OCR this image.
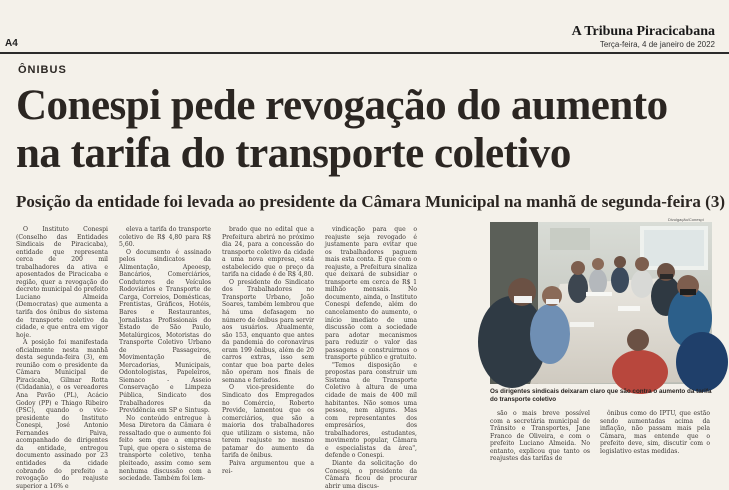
A4
A Tribuna Piracicabana
Terça-feira, 4 de janeiro de 2022
ÔNIBUS
Conespi pede revogação do aumento na tarifa do transporte coletivo
Posição da entidade foi levada ao presidente da Câmara Municipal na manhã de segunda-feira (3)

O Instituto Conespi (Conselho das Entidades Sindicais de Piracicaba), entidade que representa cerca de 200 mil trabalhadores da ativa e aposentados de Piracicaba e região, quer a revogação do decreto municipal do prefeito Luciano Almeida (Democratas) que aumenta a tarifa dos ônibus do sistema de transporte coletivo da cidade, e que entra em vigor hoje.

A posição foi manifestada oficialmente nesta manhã desta segunda-feira (3), em reunião com o presidente da Câmara Municipal de Piracicaba, Gilmar Rotta (Cidadania), e os vereadores Ana Pavão (PL), Acácio Godoy (PP) e Thiago Ribeiro (PSC), quando o vice-presidente do Instituto Conespi, José Antonio Fernandes Paiva, acompanhado de dirigentes da entidade, entregou documento assinado por 23 entidades da cidade cobrando do prefeito a revogação do reajuste superior a 16% e

eleva a tarifa do transporte coletivo de R$ 4,80 para R$ 5,60.

O documento é assinado pelos sindicatos da Alimentação, Apeoesp, Bancários, Comerciários, Condutores de Veículos Rodoviários e Transporte de Carga, Correios, Domésticas, Frentistas, Gráficos, Hotéis, Bares e Restaurantes, Jornalistas Profissionais do Estado de São Paulo, Metalúrgicos, Motoristas do Transporte Coletivo Urbano de Passageiros, Movimentação de Mercadorias, Municipais, Odontologistas, Papeleiros, Siemaco - Asseio Conservação e Limpeza Pública, Sindicato dos Trabalhadores da Previdência em SP e Sintusp.

No conteúdo entregue à Mesa Diretora da Câmara é ressaltado que o aumento foi feito sem que a empresa Tupi, que opera o sistema de transporte coletivo, tenha pleiteado, assim como sem nenhuma discussão com a sociedade. Também foi lem-

brado que no edital que a Prefeitura abrirá no próximo dia 24, para a concessão do transporte coletivo da cidade a uma nova empresa, está estabelecido que o preço da tarifa na cidade é de R$ 4,80.

O presidente do Sindicato dos Trabalhadores no Transporte Urbano, João Soares, também lembrou que há uma defasagem no número de ônibus para servir aos usuários. Atualmente, são 153, enquanto que antes da pandemia do coronavírus eram 199 ônibus, além de 20 carros extras, isso sem contar que boa parte deles não operam nos finais de semana e feriados.

O vice-presidente do Sindicato dos Empregados no Comércio, Roberto Previde, lamentou que os comerciários, que são a maioria dos trabalhadores que utilizam o sistema, não terem reajuste no mesmo patamar do aumento da tarifa de ônibus.

Paiva argumentou que a rei-

vindicação para que o reajuste seja revogado é justamente para evitar que os trabalhadores paguem mais esta conta. E que com o reajuste, a Prefeitura sinaliza que deixará de subsidiar o transporte em cerca de R$ 1 milhão mensais. No documento, ainda, o Instituto Conespi defende, além do cancelamento do aumento, o início imediato de uma discussão com a sociedade para adotar mecanismos para reduzir o valor das passagens e construirmos o transporte público e gratuito.

"Temos disposição e propostas para construir um Sistema de Transporte Coletivo à altura de uma cidade de mais de 400 mil habitantes. Não somos uma pessoa, nem alguns. Mas com representantes dos empresários, dos trabalhadores, estudantes, movimento popular, Câmara e especialistas da área", defende o Conespi.

Diante da solicitação do Conespi, o presidente da Câmara ficou de procurar abrir uma discus-

Divulgação/Conespi
Os dirigentes sindicais deixaram claro que são contra o aumento da tarifa do transporte coletivo

são o mais breve possível com a secretária municipal de Trânsito e Transportes, Jane Franco de Oliveira, e com o prefeito Luciano Almeida. No entanto, explicou que tanto os reajustes das tarifas de

ônibus como do IPTU, que estão sendo aumentadas acima da inflação, não passam mais pela Câmara, mas entende que o prefeito deve, sim, discutir com o legislativo estas medidas.
